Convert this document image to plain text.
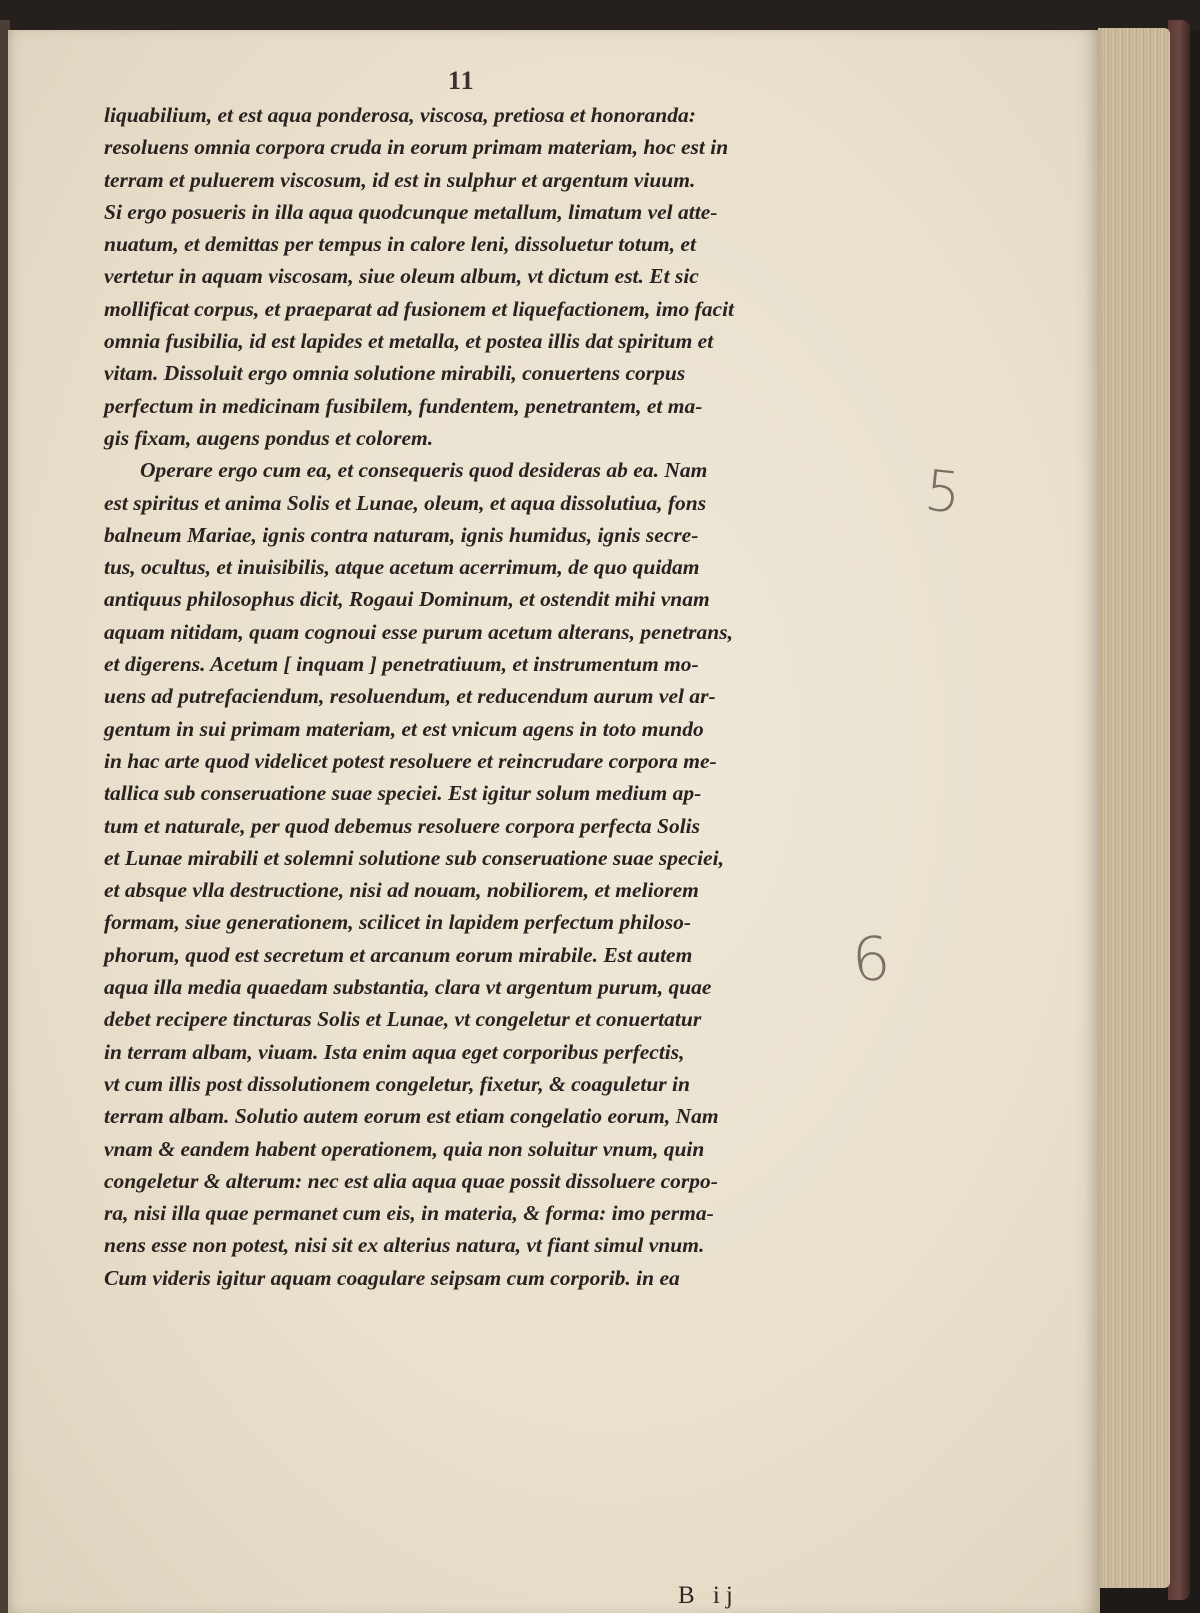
11
liquabilium, et est aqua ponderosa, viscosa, pretiosa et honoranda:
resoluens omnia corpora cruda in eorum primam materiam, hoc est in
terram et puluerem viscosum, id est in sulphur et argentum viuum.
Si ergo posueris in illa aqua quodcunque metallum, limatum vel atte-
nuatum, et demittas per tempus in calore leni, dissoluetur totum, et
vertetur in aquam viscosam, siue oleum album, vt dictum est. Et sic
mollificat corpus, et praeparat ad fusionem et liquefactionem, imo facit
omnia fusibilia, id est lapides et metalla, et postea illis dat spiritum et
vitam. Dissoluit ergo omnia solutione mirabili, conuertens corpus
perfectum in medicinam fusibilem, fundentem, penetrantem, et ma-
gis fixam, augens pondus et colorem.
Operare ergo cum ea, et consequeris quod desideras ab ea. Nam
est spiritus et anima Solis et Lunae, oleum, et aqua dissolutiua, fons
balneum Mariae, ignis contra naturam, ignis humidus, ignis secre-
tus, ocultus, et inuisibilis, atque acetum acerrimum, de quo quidam
antiquus philosophus dicit, Rogaui Dominum, et ostendit mihi vnam
aquam nitidam, quam cognoui esse purum acetum alterans, penetrans,
et digerens. Acetum [ inquam ] penetratiuum, et instrumentum mo-
uens ad putrefaciendum, resoluendum, et reducendum aurum vel ar-
gentum in sui primam materiam, et est vnicum agens in toto mundo
in hac arte quod videlicet potest resoluere et reincrudare corpora me-
tallica sub conseruatione suae speciei. Est igitur solum medium ap-
tum et naturale, per quod debemus resoluere corpora perfecta Solis
et Lunae mirabili et solemni solutione sub conseruatione suae speciei,
et absque vlla destructione, nisi ad nouam, nobiliorem, et meliorem
formam, siue generationem, scilicet in lapidem perfectum philoso-
phorum, quod est secretum et arcanum eorum mirabile. Est autem
aqua illa media quaedam substantia, clara vt argentum purum, quae
debet recipere tincturas Solis et Lunae, vt congeletur et conuertatur
in terram albam, viuam. Ista enim aqua eget corporibus perfectis,
vt cum illis post dissolutionem congeletur, fixetur, & coaguletur in
terram albam. Solutio autem eorum est etiam congelatio eorum, Nam
vnam & eandem habent operationem, quia non soluitur vnum, quin
congeletur & alterum: nec est alia aqua quae possit dissoluere corpo-
ra, nisi illa quae permanet cum eis, in materia, & forma: imo perma-
nens esse non potest, nisi sit ex alterius natura, vt fiant simul vnum.
Cum videris igitur aquam coagulare seipsam cum corporib. in ea
5
6
B ij
